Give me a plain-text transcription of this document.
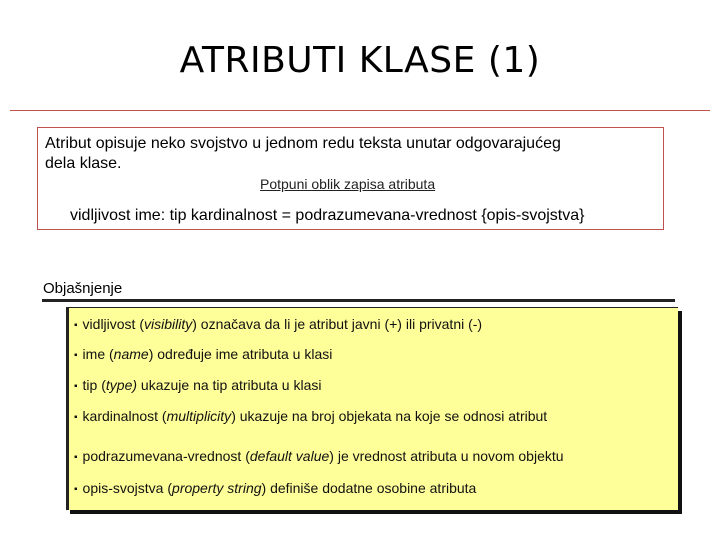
ATRIBUTI KLASE (1)
Atribut opisuje neko svojstvo u jednom redu teksta unutar odgovarajućeg
dela klase.
Potpuni oblik zapisa atributa
vidljivost ime: tip kardinalnost = podrazumevana-vrednost {opis-svojstva}
Objašnjenje
▪ vidljivost (visibility) označava da li je atribut javni (+) ili privatni (-)
▪ ime (name) određuje ime atributa u klasi
▪ tip (type) ukazuje na tip atributa u klasi
▪ kardinalnost (multiplicity) ukazuje na broj objekata na koje se odnosi atribut
▪ podrazumevana-vrednost (default value) je vrednost atributa u novom objektu
▪ opis-svojstva (property string) definiše dodatne osobine atributa
